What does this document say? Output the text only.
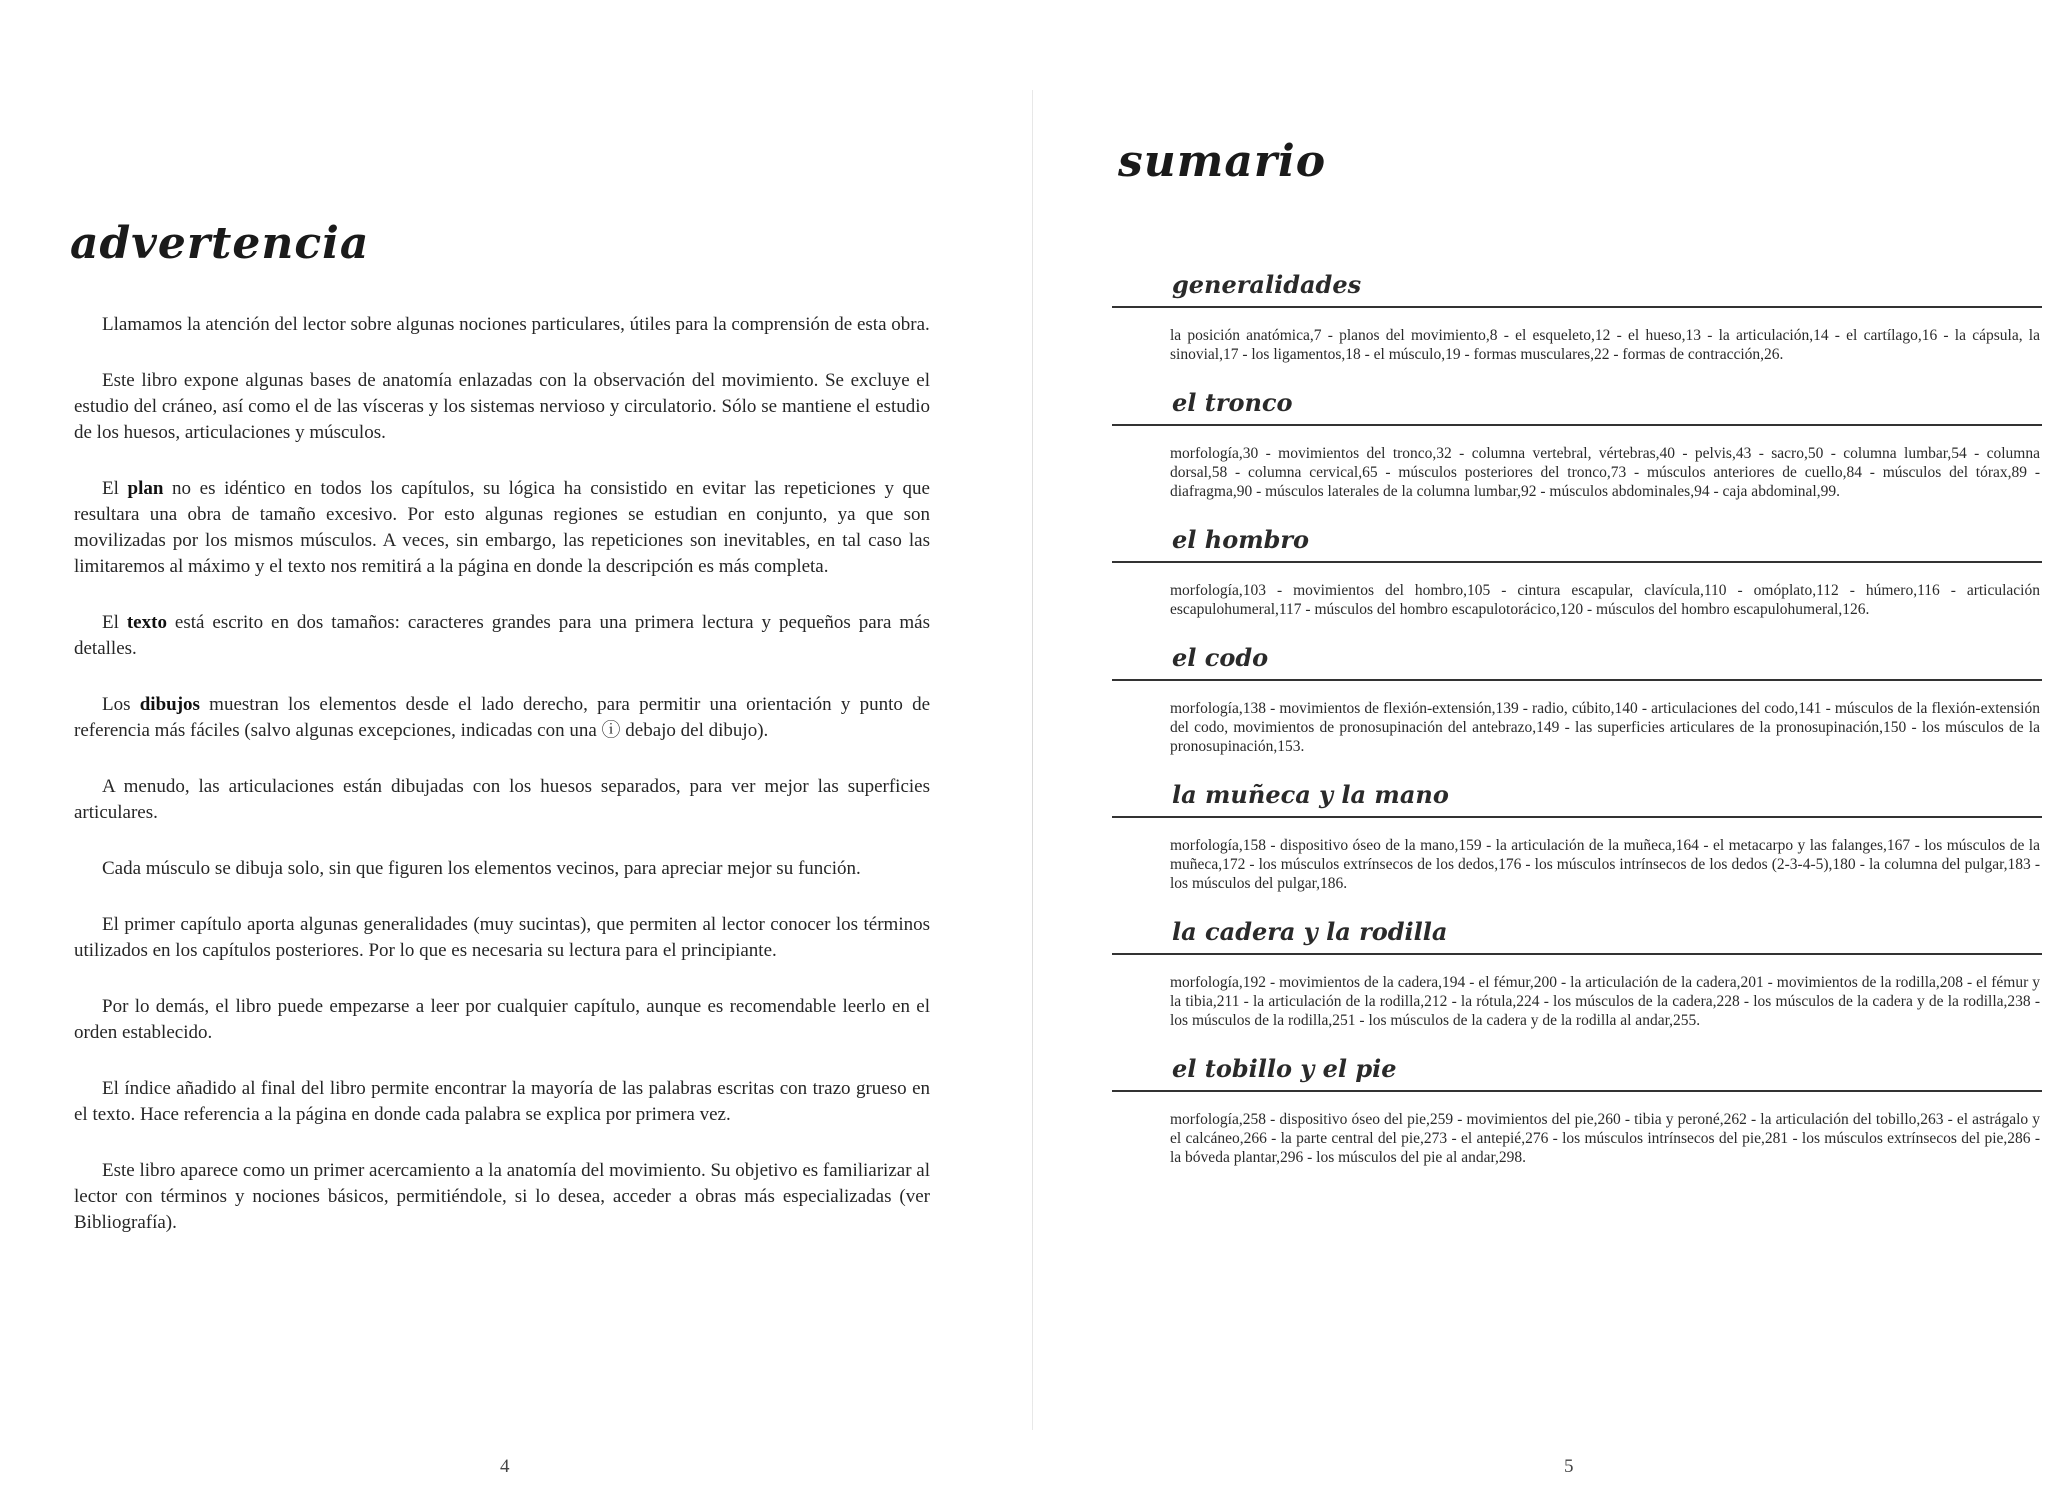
advertencia

Llamamos la atención del lector sobre algunas nociones particulares, útiles para la comprensión de esta obra.

Este libro expone algunas bases de anatomía enlazadas con la observación del movimiento. Se excluye el estudio del cráneo, así como el de las vísceras y los sistemas nervioso y circulatorio. Sólo se mantiene el estudio de los huesos, articulaciones y músculos.

El plan no es idéntico en todos los capítulos, su lógica ha consistido en evitar las repeticiones y que resultara una obra de tamaño excesivo. Por esto algunas regiones se estudian en conjunto, ya que son movilizadas por los mismos músculos. A veces, sin embargo, las repeticiones son inevitables, en tal caso las limitaremos al máximo y el texto nos remitirá a la página en donde la descripción es más completa.

El texto está escrito en dos tamaños: caracteres grandes para una primera lectura y pequeños para más detalles.

Los dibujos muestran los elementos desde el lado derecho, para permitir una orientación y punto de referencia más fáciles (salvo algunas excepciones, indicadas con una ⓘ debajo del dibujo).

A menudo, las articulaciones están dibujadas con los huesos separados, para ver mejor las superficies articulares.

Cada músculo se dibuja solo, sin que figuren los elementos vecinos, para apreciar mejor su función.

El primer capítulo aporta algunas generalidades (muy sucintas), que permiten al lector conocer los términos utilizados en los capítulos posteriores. Por lo que es necesaria su lectura para el principiante.

Por lo demás, el libro puede empezarse a leer por cualquier capítulo, aunque es recomendable leerlo en el orden establecido.

El índice añadido al final del libro permite encontrar la mayoría de las palabras escritas con trazo grueso en el texto. Hace referencia a la página en donde cada palabra se explica por primera vez.

Este libro aparece como un primer acercamiento a la anatomía del movimiento. Su objetivo es familiarizar al lector con términos y nociones básicos, permitiéndole, si lo desea, acceder a obras más especializadas (ver Bibliografía).

4
sumario
generalidades
la posición anatómica,7 - planos del movimiento,8 - el esqueleto,12 - el hueso,13 - la articulación,14 - el cartílago,16 - la cápsula, la sinovial,17 - los ligamentos,18 - el músculo,19 - formas musculares,22 - formas de contracción,26.
el tronco
morfología,30 - movimientos del tronco,32 - columna vertebral, vértebras,40 - pelvis,43 - sacro,50 - columna lumbar,54 - columna dorsal,58 - columna cervical,65 - músculos posteriores del tronco,73 - músculos anteriores de cuello,84 - músculos del tórax,89 - diafragma,90 - músculos laterales de la columna lumbar,92 - músculos abdominales,94 - caja abdominal,99.
el hombro
morfología,103 - movimientos del hombro,105 - cintura escapular, clavícula,110 - omóplato,112 - húmero,116 - articulación escapulohumeral,117 - músculos del hombro escapulotorácico,120 - músculos del hombro escapulohumeral,126.
el codo
morfología,138 - movimientos de flexión-extensión,139 - radio, cúbito,140 - articulaciones del codo,141 - músculos de la flexión-extensión del codo, movimientos de pronosupinación del antebrazo,149 - las superficies articulares de la pronosupinación,150 - los músculos de la pronosupinación,153.
la muñeca y la mano
morfología,158 - dispositivo óseo de la mano,159 - la articulación de la muñeca,164 - el metacarpo y las falanges,167 - los músculos de la muñeca,172 - los músculos extrínsecos de los dedos,176 - los músculos intrínsecos de los dedos (2-3-4-5),180 - la columna del pulgar,183 - los músculos del pulgar,186.
la cadera y la rodilla
morfología,192 - movimientos de la cadera,194 - el fémur,200 - la articulación de la cadera,201 - movimientos de la rodilla,208 - el fémur y la tibia,211 - la articulación de la rodilla,212 - la rótula,224 - los músculos de la cadera,228 - los músculos de la cadera y de la rodilla,238 - los músculos de la rodilla,251 - los músculos de la cadera y de la rodilla al andar,255.
el tobillo y el pie
morfología,258 - dispositivo óseo del pie,259 - movimientos del pie,260 - tibia y peroné,262 - la articulación del tobillo,263 - el astrágalo y el calcáneo,266 - la parte central del pie,273 - el antepié,276 - los músculos intrínsecos del pie,281 - los músculos extrínsecos del pie,286 - la bóveda plantar,296 - los músculos del pie al andar,298.
5
